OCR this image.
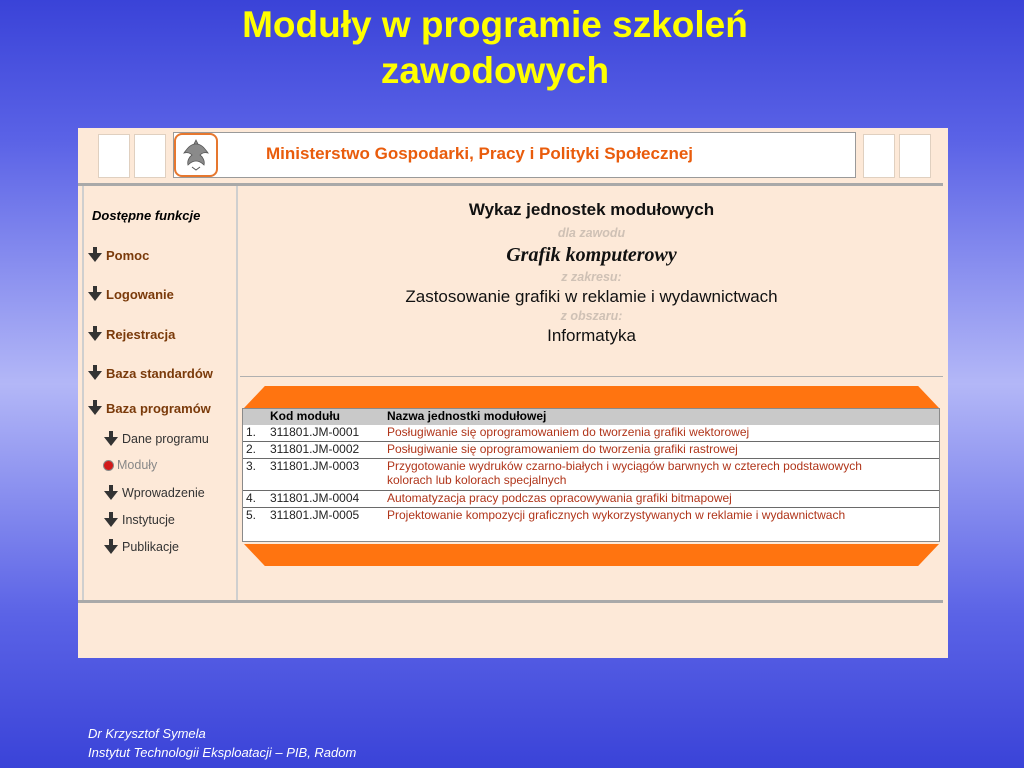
Moduły w programie szkoleń
zawodowych
Ministerstwo Gospodarki, Pracy i Polityki Społecznej
Dostępne funkcje
Pomoc
Logowanie
Rejestracja
Baza standardów
Baza programów
Dane programu
Moduły
Wprowadzenie
Instytucje
Publikacje
Wykaz jednostek modułowych
dla zawodu
Grafik komputerowy
z zakresu:
Zastosowanie grafiki w reklamie i wydawnictwach
z obszaru:
Informatyka
Kod modułu	Nazwa jednostki modułowej
1. 311801.JM-0001 Posługiwanie się oprogramowaniem do tworzenia grafiki wektorowej
2. 311801.JM-0002 Posługiwanie się oprogramowaniem do tworzenia grafiki rastrowej
3. 311801.JM-0003 Przygotowanie wydruków czarno-białych i wyciągów barwnych w czterech podstawowych kolorach lub kolorach specjalnych
4. 311801.JM-0004 Automatyzacja pracy podczas opracowywania grafiki bitmapowej
5. 311801.JM-0005 Projektowanie kompozycji graficznych wykorzystywanych w reklamie i wydawnictwach
Dr Krzysztof Symela
Instytut Technologii Eksploatacji – PIB, Radom
